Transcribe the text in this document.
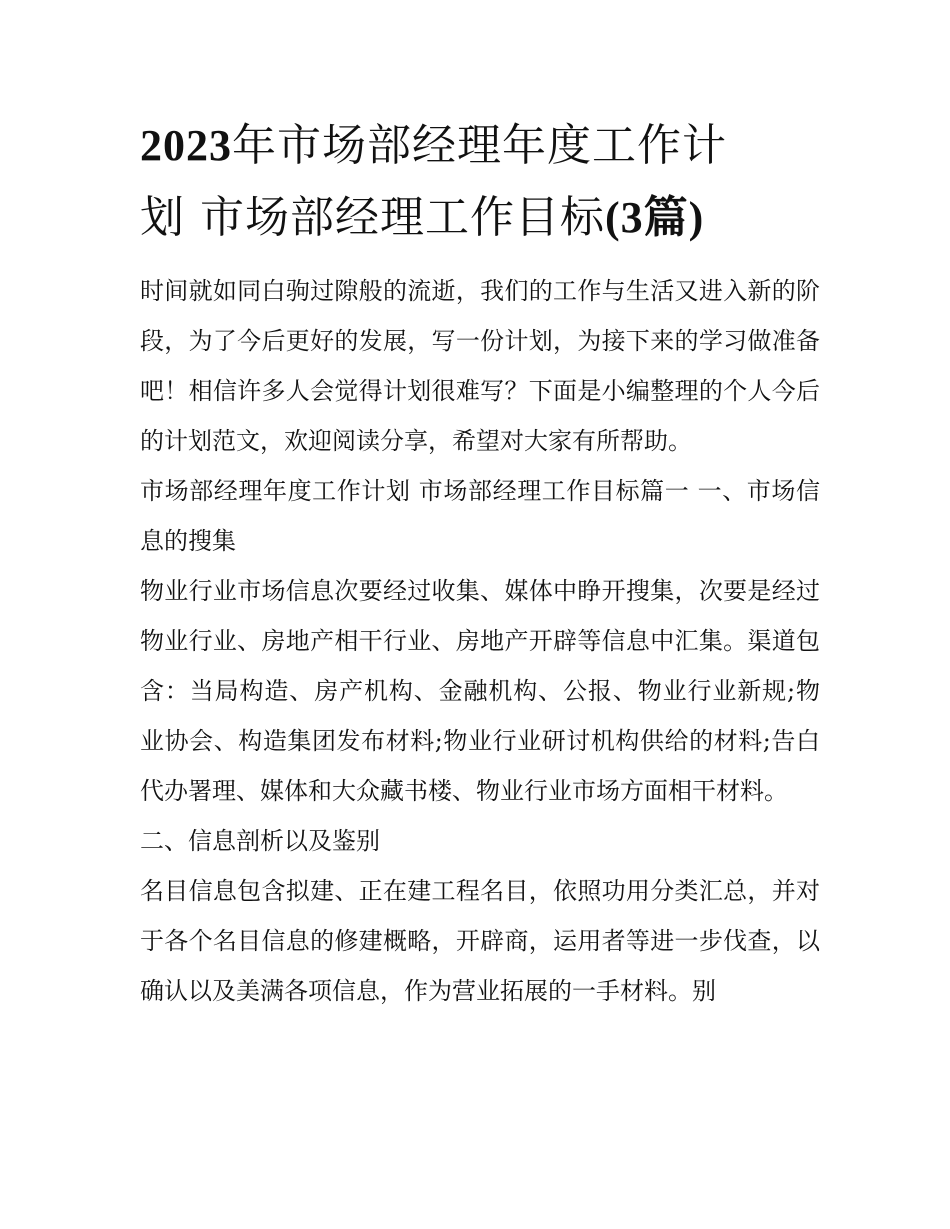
2023年市场部经理年度工作计
划 市场部经理工作目标(3篇)

时间就如同白驹过隙般的流逝，我们的工作与生活又进入新的阶段，为了今后更好的发展，写一份计划，为接下来的学习做准备吧！相信许多人会觉得计划很难写？下面是小编整理的个人今后的计划范文，欢迎阅读分享，希望对大家有所帮助。

市场部经理年度工作计划 市场部经理工作目标篇一 一、市场信息的搜集

物业行业市场信息次要经过收集、媒体中睁开搜集，次要是经过物业行业、房地产相干行业、房地产开辟等信息中汇集。渠道包含：当局构造、房产机构、金融机构、公报、物业行业新规;物业协会、构造集团发布材料;物业行业研讨机构供给的材料;告白代办署理、媒体和大众藏书楼、物业行业市场方面相干材料。

二、信息剖析以及鉴别

名目信息包含拟建、正在建工程名目，依照功用分类汇总，并对于各个名目信息的修建概略，开辟商，运用者等进一步伐查，以确认以及美满各项信息，作为营业拓展的一手材料。别
